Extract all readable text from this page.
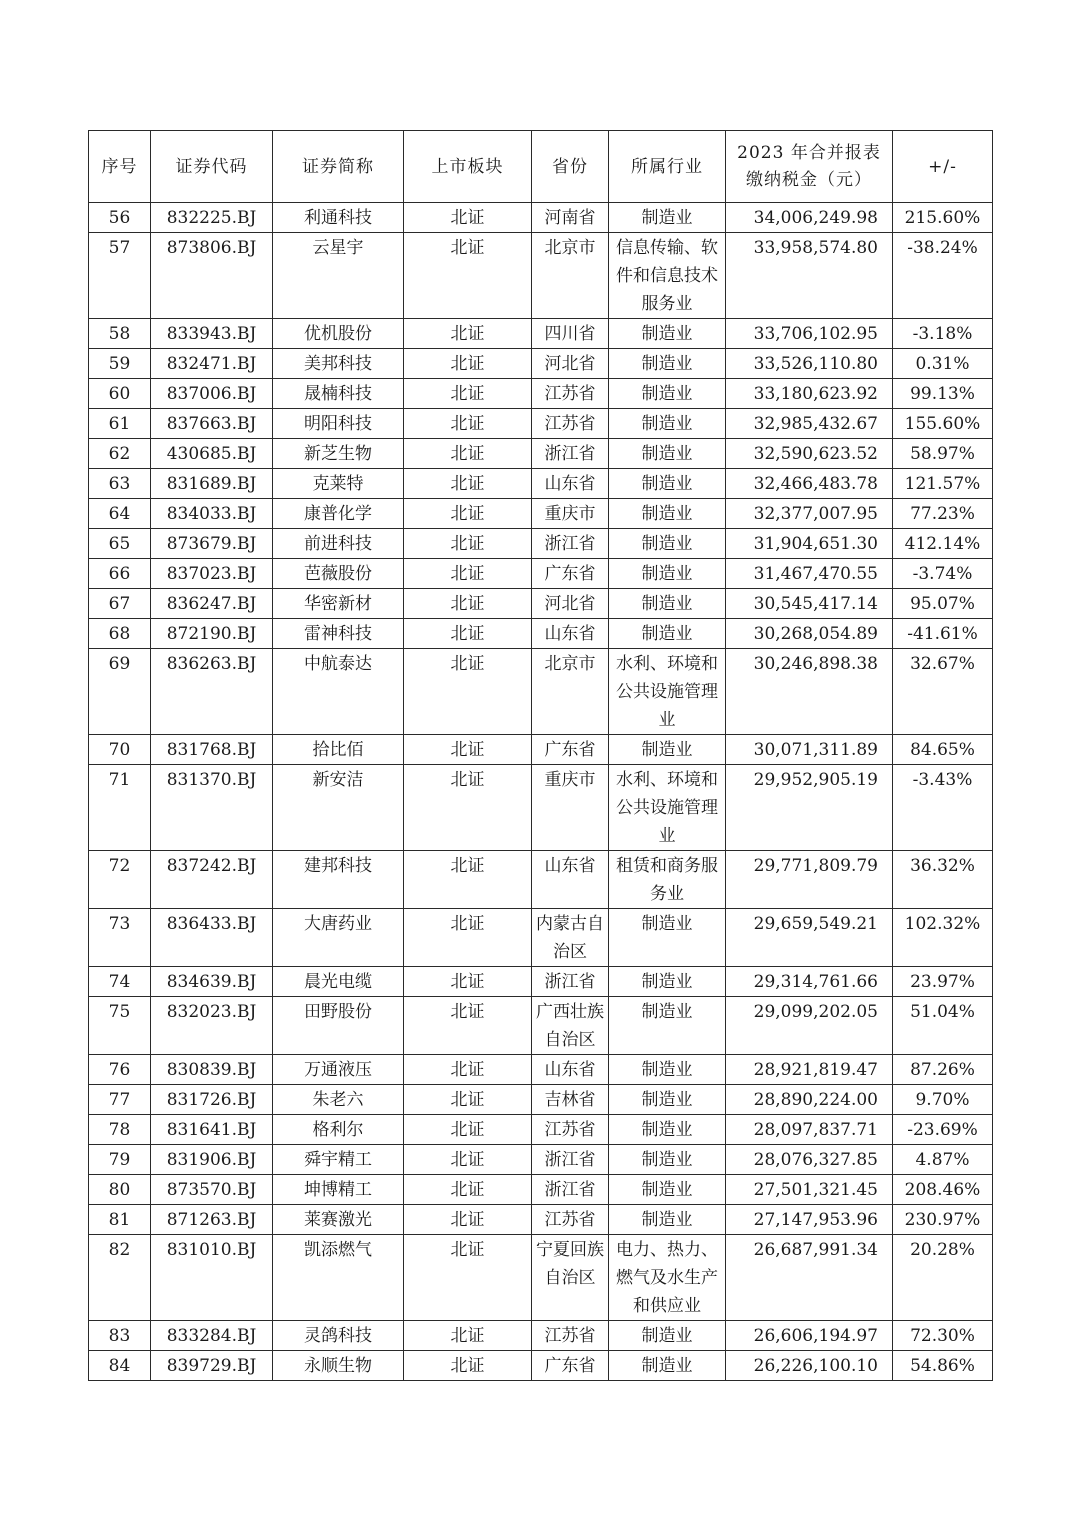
序号	证券代码	证券简称	上市板块	省份	所属行业	2023 年合并报表缴纳税金（元）	+/-
56	832225.BJ	利通科技	北证	河南省	制造业	34,006,249.98	215.60%
57	873806.BJ	云星宇	北证	北京市	信息传输、软件和信息技术服务业	33,958,574.80	-38.24%
58	833943.BJ	优机股份	北证	四川省	制造业	33,706,102.95	-3.18%
59	832471.BJ	美邦科技	北证	河北省	制造业	33,526,110.80	0.31%
60	837006.BJ	晟楠科技	北证	江苏省	制造业	33,180,623.92	99.13%
61	837663.BJ	明阳科技	北证	江苏省	制造业	32,985,432.67	155.60%
62	430685.BJ	新芝生物	北证	浙江省	制造业	32,590,623.52	58.97%
63	831689.BJ	克莱特	北证	山东省	制造业	32,466,483.78	121.57%
64	834033.BJ	康普化学	北证	重庆市	制造业	32,377,007.95	77.23%
65	873679.BJ	前进科技	北证	浙江省	制造业	31,904,651.30	412.14%
66	837023.BJ	芭薇股份	北证	广东省	制造业	31,467,470.55	-3.74%
67	836247.BJ	华密新材	北证	河北省	制造业	30,545,417.14	95.07%
68	872190.BJ	雷神科技	北证	山东省	制造业	30,268,054.89	-41.61%
69	836263.BJ	中航泰达	北证	北京市	水利、环境和公共设施管理业	30,246,898.38	32.67%
70	831768.BJ	拾比佰	北证	广东省	制造业	30,071,311.89	84.65%
71	831370.BJ	新安洁	北证	重庆市	水利、环境和公共设施管理业	29,952,905.19	-3.43%
72	837242.BJ	建邦科技	北证	山东省	租赁和商务服务业	29,771,809.79	36.32%
73	836433.BJ	大唐药业	北证	内蒙古自治区	制造业	29,659,549.21	102.32%
74	834639.BJ	晨光电缆	北证	浙江省	制造业	29,314,761.66	23.97%
75	832023.BJ	田野股份	北证	广西壮族自治区	制造业	29,099,202.05	51.04%
76	830839.BJ	万通液压	北证	山东省	制造业	28,921,819.47	87.26%
77	831726.BJ	朱老六	北证	吉林省	制造业	28,890,224.00	9.70%
78	831641.BJ	格利尔	北证	江苏省	制造业	28,097,837.71	-23.69%
79	831906.BJ	舜宇精工	北证	浙江省	制造业	28,076,327.85	4.87%
80	873570.BJ	坤博精工	北证	浙江省	制造业	27,501,321.45	208.46%
81	871263.BJ	莱赛激光	北证	江苏省	制造业	27,147,953.96	230.97%
82	831010.BJ	凯添燃气	北证	宁夏回族自治区	电力、热力、燃气及水生产和供应业	26,687,991.34	20.28%
83	833284.BJ	灵鸽科技	北证	江苏省	制造业	26,606,194.97	72.30%
84	839729.BJ	永顺生物	北证	广东省	制造业	26,226,100.10	54.86%
